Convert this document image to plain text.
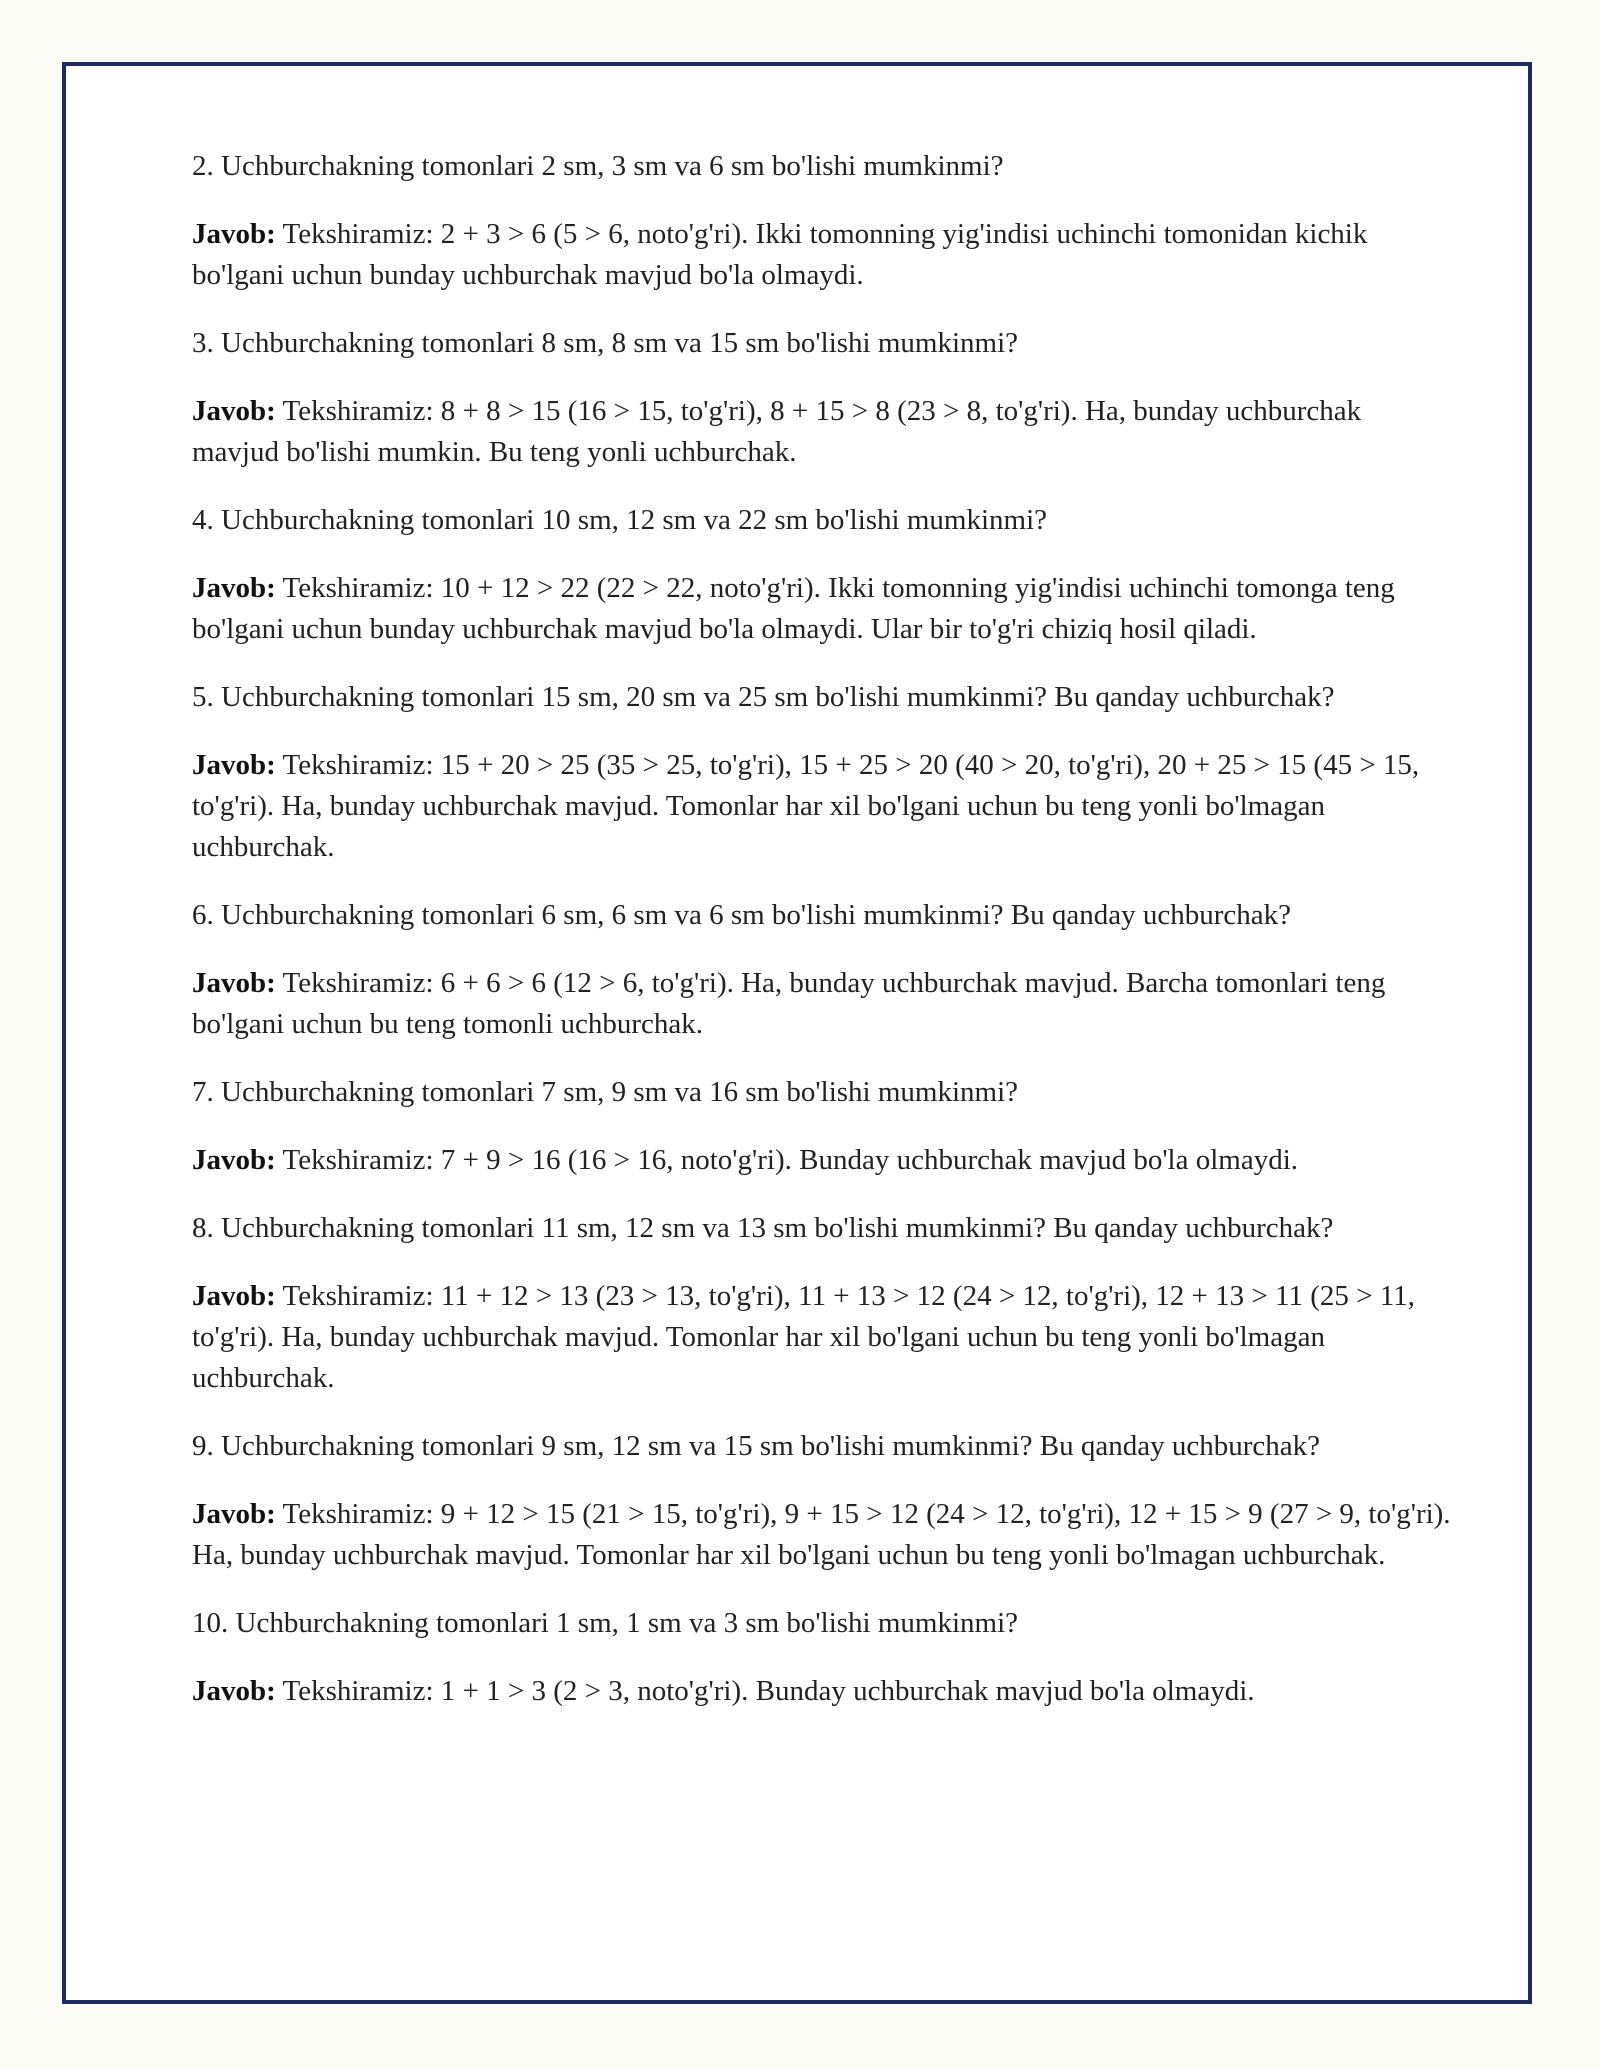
2. Uchburchakning tomonlari 2 sm, 3 sm va 6 sm bo'lishi mumkinmi?

Javob: Tekshiramiz: 2 + 3 > 6 (5 > 6, noto'g'ri). Ikki tomonning yig'indisi uchinchi tomonidan kichik bo'lgani uchun bunday uchburchak mavjud bo'la olmaydi.

3. Uchburchakning tomonlari 8 sm, 8 sm va 15 sm bo'lishi mumkinmi?

Javob: Tekshiramiz: 8 + 8 > 15 (16 > 15, to'g'ri), 8 + 15 > 8 (23 > 8, to'g'ri). Ha, bunday uchburchak mavjud bo'lishi mumkin. Bu teng yonli uchburchak.

4. Uchburchakning tomonlari 10 sm, 12 sm va 22 sm bo'lishi mumkinmi?

Javob: Tekshiramiz: 10 + 12 > 22 (22 > 22, noto'g'ri). Ikki tomonning yig'indisi uchinchi tomonga teng bo'lgani uchun bunday uchburchak mavjud bo'la olmaydi. Ular bir to'g'ri chiziq hosil qiladi.

5. Uchburchakning tomonlari 15 sm, 20 sm va 25 sm bo'lishi mumkinmi? Bu qanday uchburchak?

Javob: Tekshiramiz: 15 + 20 > 25 (35 > 25, to'g'ri), 15 + 25 > 20 (40 > 20, to'g'ri), 20 + 25 > 15 (45 > 15, to'g'ri). Ha, bunday uchburchak mavjud. Tomonlar har xil bo'lgani uchun bu teng yonli bo'lmagan uchburchak.

6. Uchburchakning tomonlari 6 sm, 6 sm va 6 sm bo'lishi mumkinmi? Bu qanday uchburchak?

Javob: Tekshiramiz: 6 + 6 > 6 (12 > 6, to'g'ri). Ha, bunday uchburchak mavjud. Barcha tomonlari teng bo'lgani uchun bu teng tomonli uchburchak.

7. Uchburchakning tomonlari 7 sm, 9 sm va 16 sm bo'lishi mumkinmi?

Javob: Tekshiramiz: 7 + 9 > 16 (16 > 16, noto'g'ri). Bunday uchburchak mavjud bo'la olmaydi.

8. Uchburchakning tomonlari 11 sm, 12 sm va 13 sm bo'lishi mumkinmi? Bu qanday uchburchak?

Javob: Tekshiramiz: 11 + 12 > 13 (23 > 13, to'g'ri), 11 + 13 > 12 (24 > 12, to'g'ri), 12 + 13 > 11 (25 > 11, to'g'ri). Ha, bunday uchburchak mavjud. Tomonlar har xil bo'lgani uchun bu teng yonli bo'lmagan uchburchak.

9. Uchburchakning tomonlari 9 sm, 12 sm va 15 sm bo'lishi mumkinmi? Bu qanday uchburchak?

Javob: Tekshiramiz: 9 + 12 > 15 (21 > 15, to'g'ri), 9 + 15 > 12 (24 > 12, to'g'ri), 12 + 15 > 9 (27 > 9, to'g'ri). Ha, bunday uchburchak mavjud. Tomonlar har xil bo'lgani uchun bu teng yonli bo'lmagan uchburchak.

10. Uchburchakning tomonlari 1 sm, 1 sm va 3 sm bo'lishi mumkinmi?

Javob: Tekshiramiz: 1 + 1 > 3 (2 > 3, noto'g'ri). Bunday uchburchak mavjud bo'la olmaydi.
